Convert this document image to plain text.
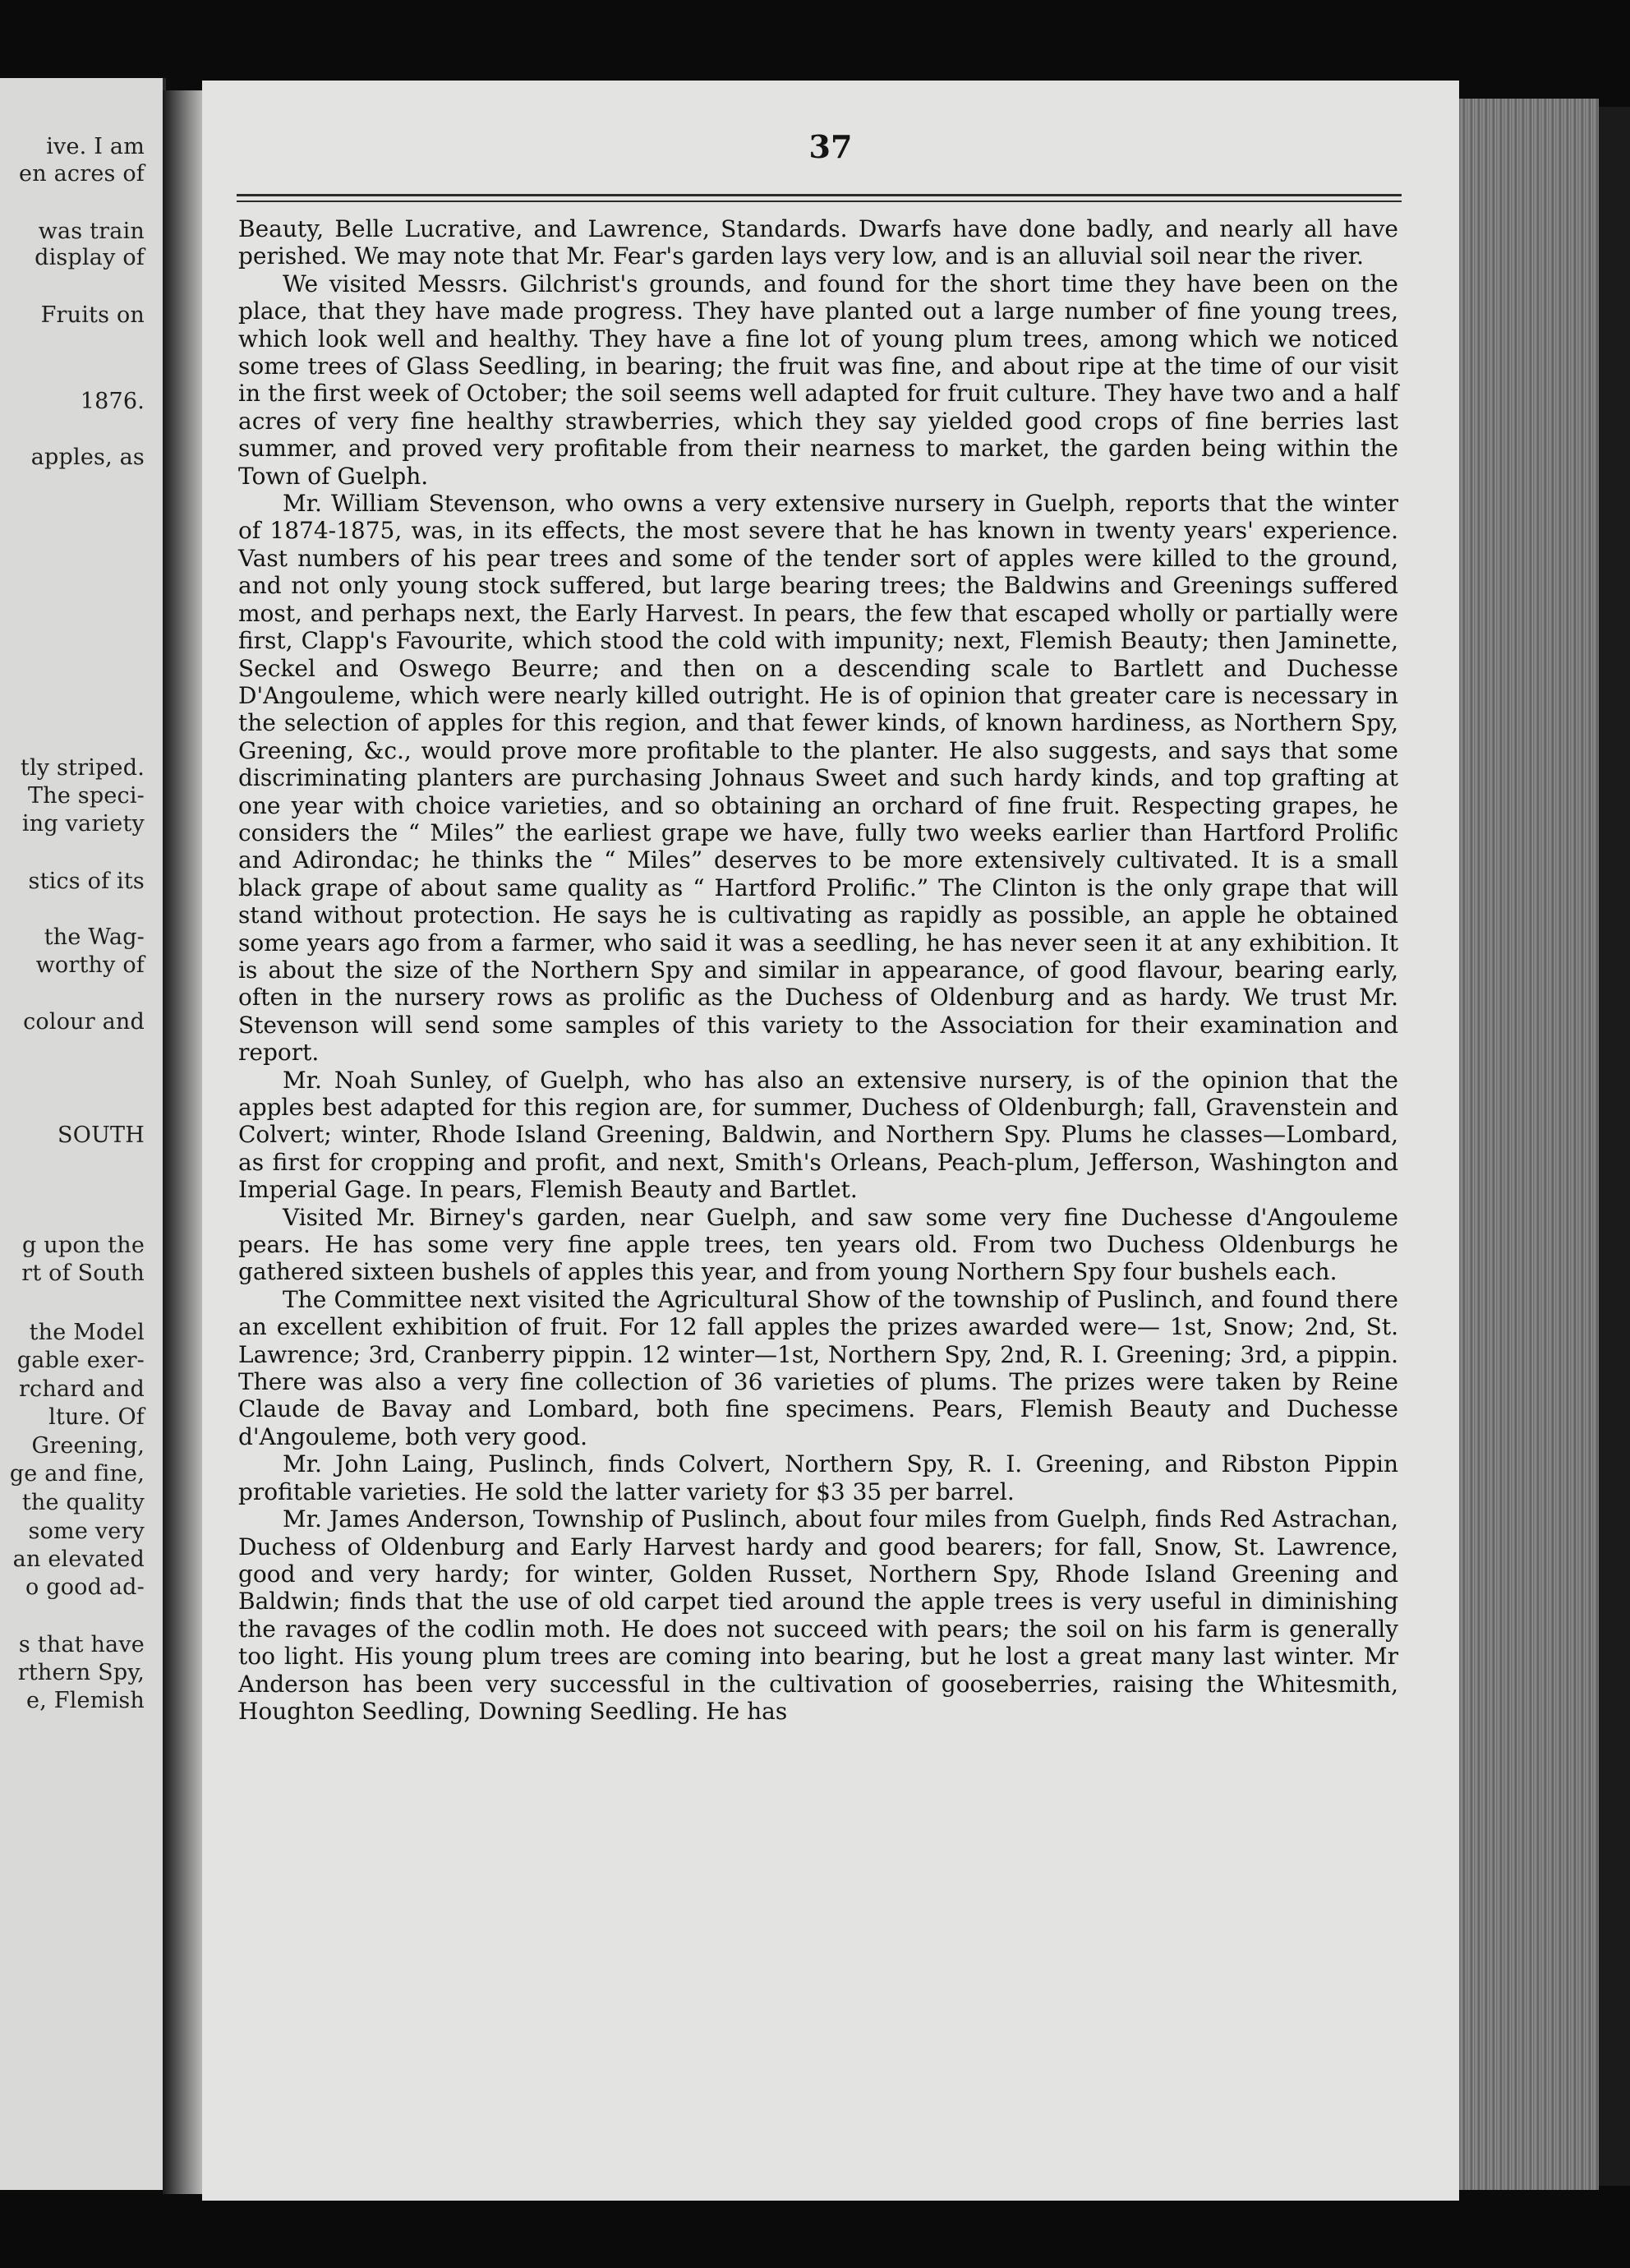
ive. I am
en acres of
was train
display of
Fruits on
1876.
apples, as
tly striped.
The speci-
ing variety
stics of its
the Wag-
worthy of
colour and
SOUTH
g upon the
rt of South
the Model
gable exer-
rchard and
lture. Of
Greening,
ge and fine,
the quality
some very
an elevated
o good ad-
s that have
rthern Spy,
e, Flemish
37

Beauty, Belle Lucrative, and Lawrence, Standards. Dwarfs have done badly, and nearly all have perished. We may note that Mr. Fear's garden lays very low, and is an alluvial soil near the river.

We visited Messrs. Gilchrist's grounds, and found for the short time they have been on the place, that they have made progress. They have planted out a large number of fine young trees, which look well and healthy. They have a fine lot of young plum trees, among which we noticed some trees of Glass Seedling, in bearing; the fruit was fine, and about ripe at the time of our visit in the first week of October; the soil seems well adapted for fruit culture. They have two and a half acres of very fine healthy strawberries, which they say yielded good crops of fine berries last summer, and proved very profitable from their nearness to market, the garden being within the Town of Guelph.

Mr. William Stevenson, who owns a very extensive nursery in Guelph, reports that the winter of 1874-1875, was, in its effects, the most severe that he has known in twenty years' experience. Vast numbers of his pear trees and some of the tender sort of apples were killed to the ground, and not only young stock suffered, but large bearing trees; the Baldwins and Greenings suffered most, and perhaps next, the Early Harvest. In pears, the few that escaped wholly or partially were first, Clapp's Favourite, which stood the cold with impunity; next, Flemish Beauty; then Jaminette, Seckel and Oswego Beurre; and then on a descending scale to Bartlett and Duchesse D'Angouleme, which were nearly killed outright. He is of opinion that greater care is necessary in the selection of apples for this region, and that fewer kinds, of known hardiness, as Northern Spy, Greening, &c., would prove more profitable to the planter. He also suggests, and says that some discriminating planters are purchasing Johnaus Sweet and such hardy kinds, and top grafting at one year with choice varieties, and so obtaining an orchard of fine fruit. Respecting grapes, he considers the “ Miles” the earliest grape we have, fully two weeks earlier than Hartford Prolific and Adirondac; he thinks the “ Miles” deserves to be more extensively cultivated. It is a small black grape of about same quality as “ Hartford Prolific.” The Clinton is the only grape that will stand without protection. He says he is cultivating as rapidly as possible, an apple he obtained some years ago from a farmer, who said it was a seedling, he has never seen it at any exhibition. It is about the size of the Northern Spy and similar in appearance, of good flavour, bearing early, often in the nursery rows as prolific as the Duchess of Oldenburg and as hardy. We trust Mr. Stevenson will send some samples of this variety to the Association for their examination and report.

Mr. Noah Sunley, of Guelph, who has also an extensive nursery, is of the opinion that the apples best adapted for this region are, for summer, Duchess of Oldenburgh; fall, Gravenstein and Colvert; winter, Rhode Island Greening, Baldwin, and Northern Spy. Plums he classes—Lombard, as first for cropping and profit, and next, Smith's Orleans, Peach-plum, Jefferson, Washington and Imperial Gage. In pears, Flemish Beauty and Bartlet.

Visited Mr. Birney's garden, near Guelph, and saw some very fine Duchesse d'Angouleme pears. He has some very fine apple trees, ten years old. From two Duchess Oldenburgs he gathered sixteen bushels of apples this year, and from young Northern Spy four bushels each.

The Committee next visited the Agricultural Show of the township of Puslinch, and found there an excellent exhibition of fruit. For 12 fall apples the prizes awarded were— 1st, Snow; 2nd, St. Lawrence; 3rd, Cranberry pippin. 12 winter—1st, Northern Spy, 2nd, R. I. Greening; 3rd, a pippin. There was also a very fine collection of 36 varieties of plums. The prizes were taken by Reine Claude de Bavay and Lombard, both fine specimens. Pears, Flemish Beauty and Duchesse d'Angouleme, both very good.

Mr. John Laing, Puslinch, finds Colvert, Northern Spy, R. I. Greening, and Ribston Pippin profitable varieties. He sold the latter variety for $3 35 per barrel.

Mr. James Anderson, Township of Puslinch, about four miles from Guelph, finds Red Astrachan, Duchess of Oldenburg and Early Harvest hardy and good bearers; for fall, Snow, St. Lawrence, good and very hardy; for winter, Golden Russet, Northern Spy, Rhode Island Greening and Baldwin; finds that the use of old carpet tied around the apple trees is very useful in diminishing the ravages of the codlin moth. He does not succeed with pears; the soil on his farm is generally too light. His young plum trees are coming into bearing, but he lost a great many last winter. Mr Anderson has been very successful in the cultivation of gooseberries, raising the Whitesmith, Houghton Seedling, Downing Seedling. He has
